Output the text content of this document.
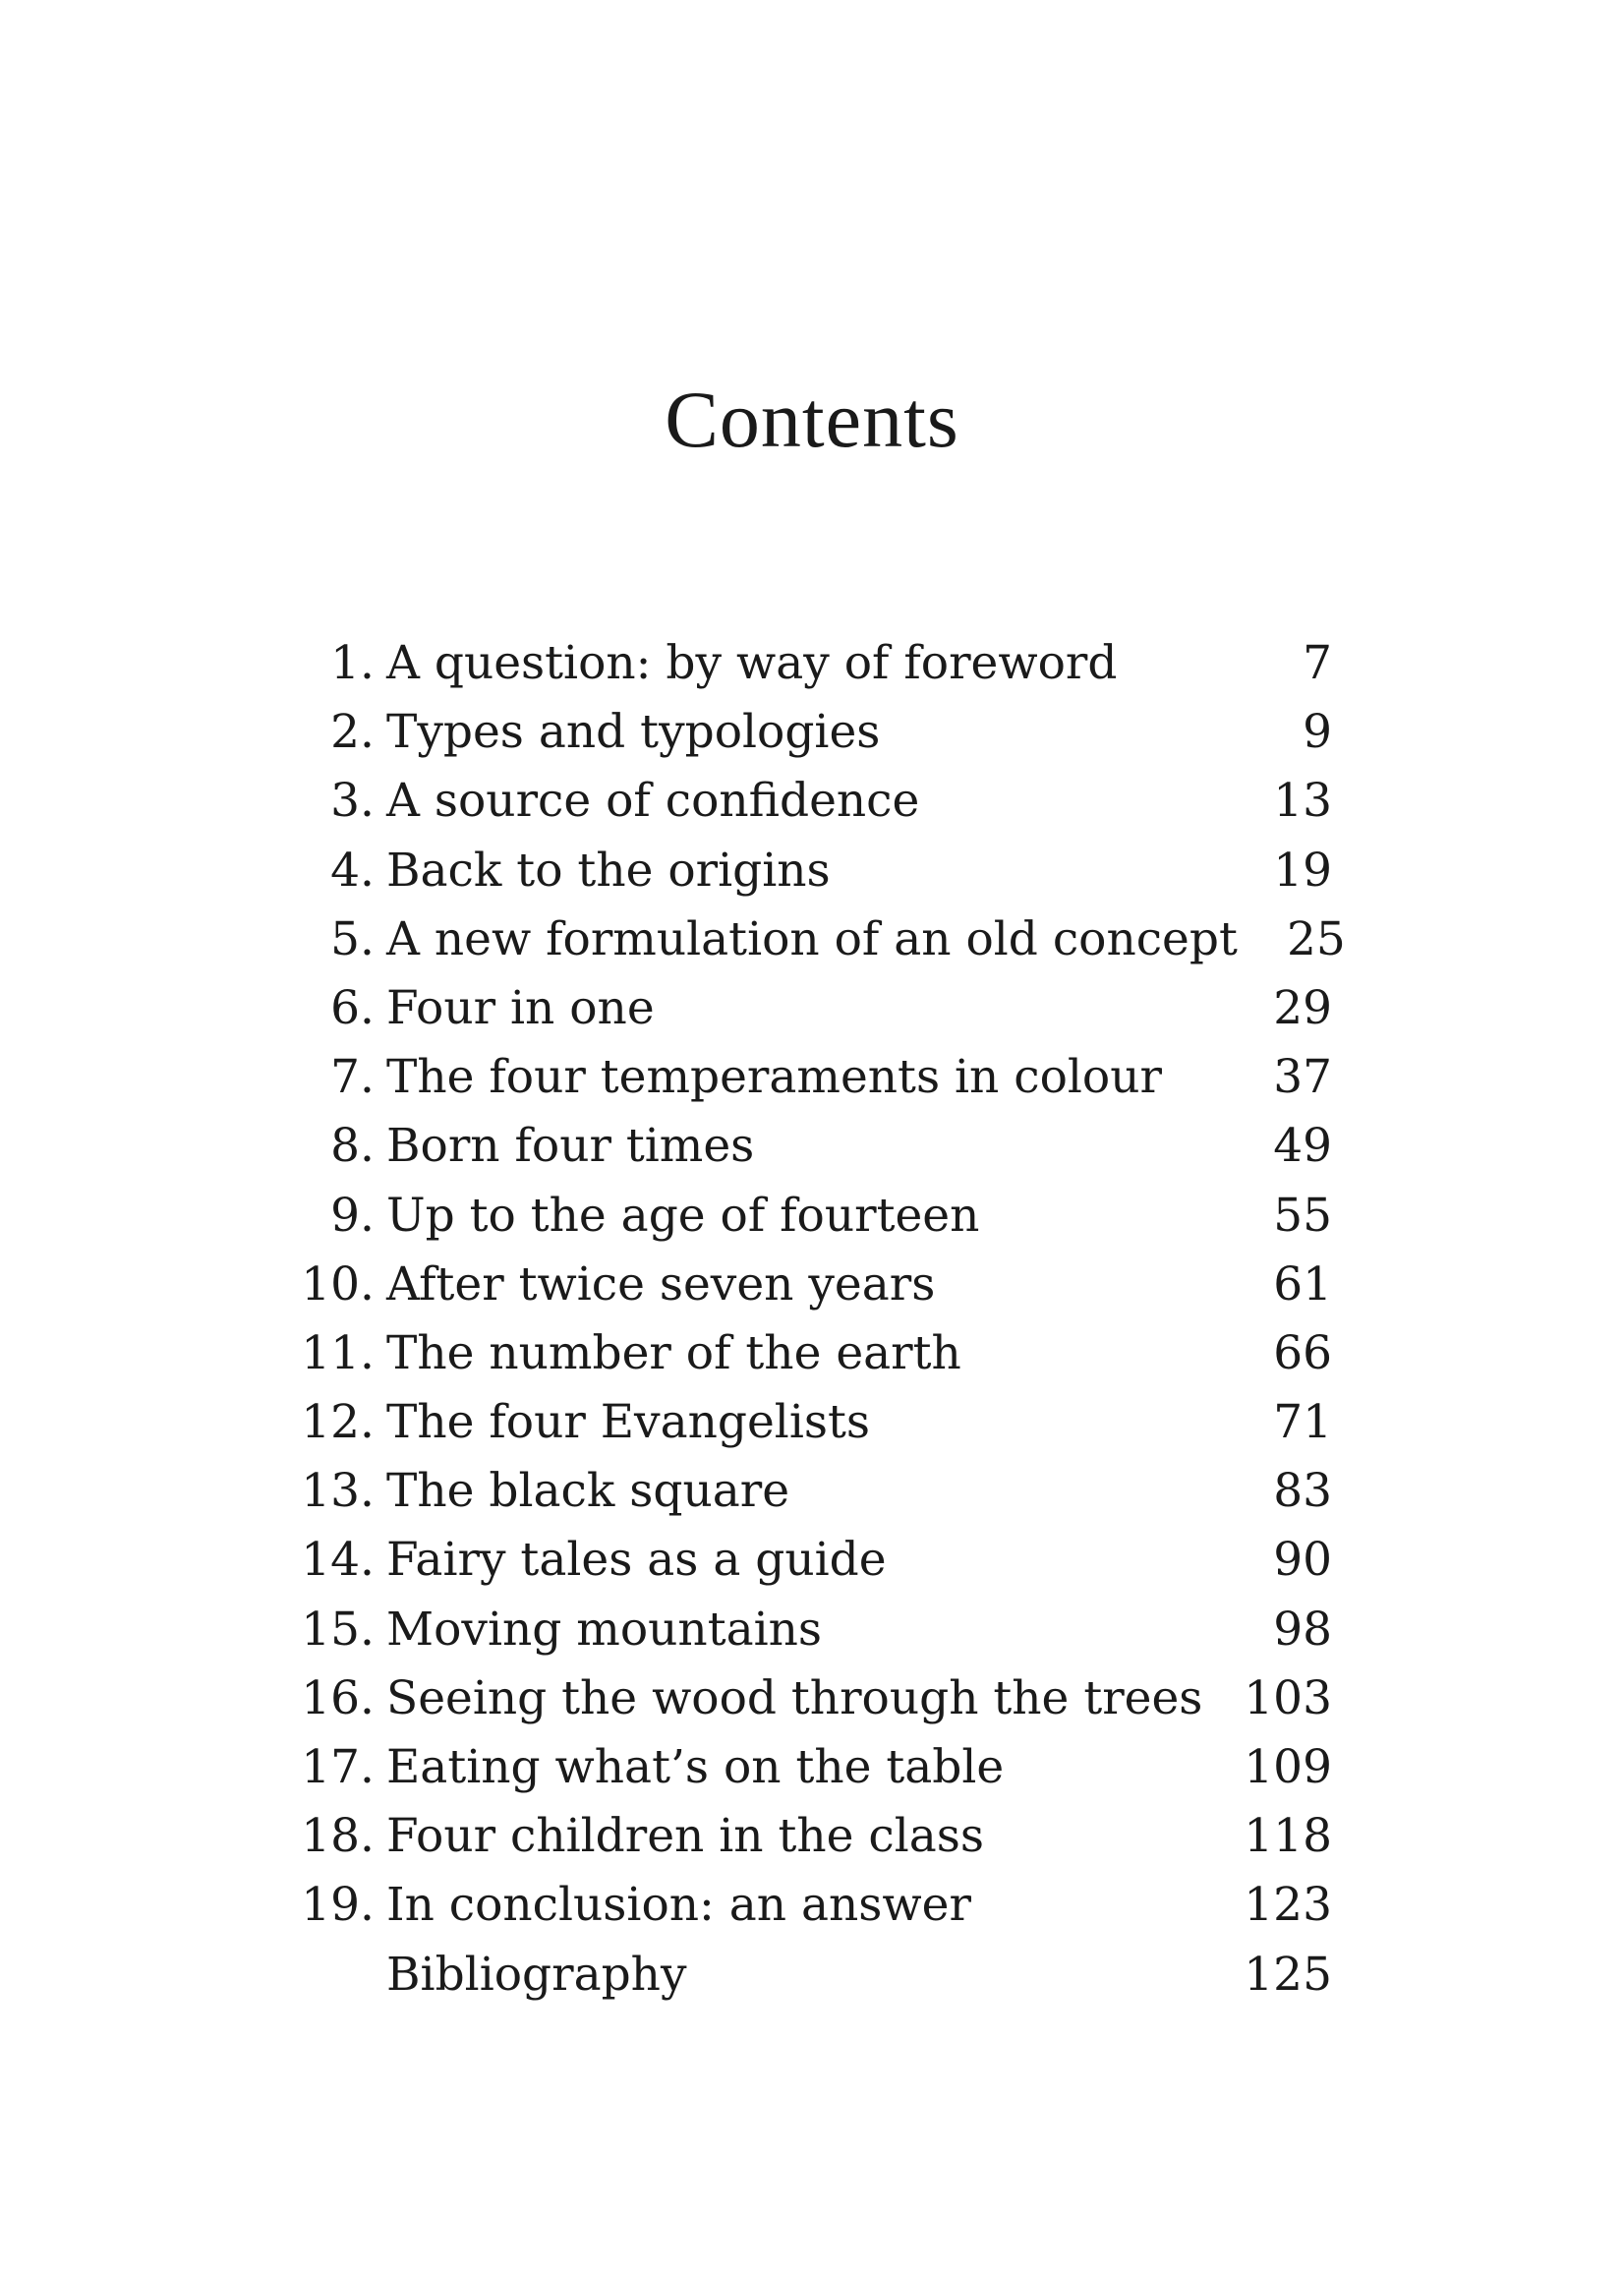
Contents
1. A question: by way of foreword	7
2. Types and typologies	9
3. A source of confidence	13
4. Back to the origins	19
5. A new formulation of an old concept	25
6. Four in one	29
7. The four temperaments in colour	37
8. Born four times	49
9. Up to the age of fourteen	55
10. After twice seven years	61
11. The number of the earth	66
12. The four Evangelists	71
13. The black square	83
14. Fairy tales as a guide	90
15. Moving mountains	98
16. Seeing the wood through the trees 103
17. Eating what’s on the table	109
18. Four children in the class	118
19. In conclusion: an answer	123
Bibliography	125
